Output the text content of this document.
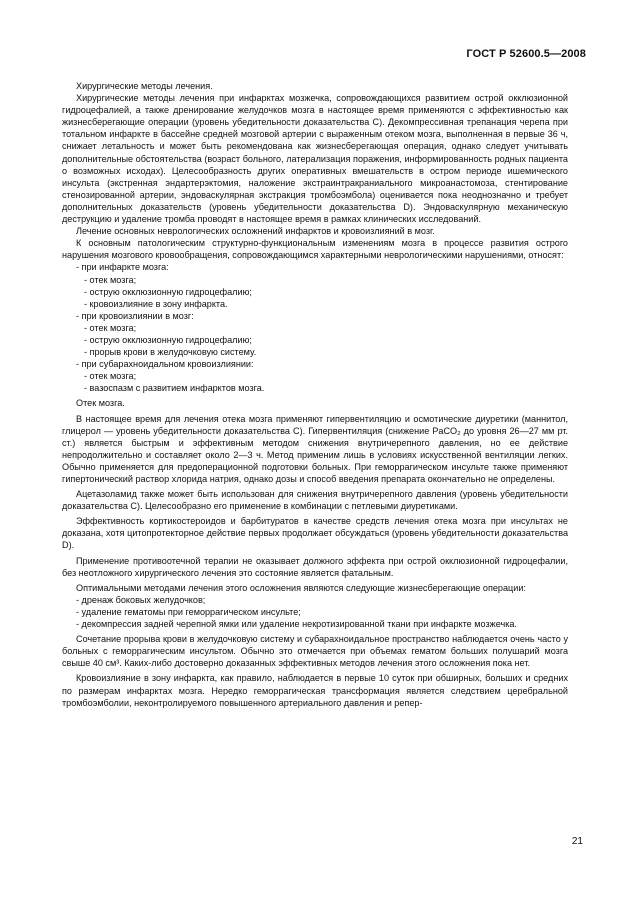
ГОСТ Р 52600.5—2008

Хирургические методы лечения.

Хирургические методы лечения при инфарктах мозжечка, сопровождающихся развитием острой окклюзионной гидроцефалией, а также дренирование желудочков мозга в настоящее время применяются с эффективностью как жизнесберегающие операции (уровень убедительности доказательства С). Декомпрессивная трепанация черепа при тотальном инфаркте в бассейне средней мозговой артерии с выраженным отеком мозга, выполненная в первые 36 ч, снижает летальность и может быть рекомендована как жизнесберегающая операция, однако следует учитывать дополнительные обстоятельства (возраст больного, латерализация поражения, информированность родных пациента о возможных исходах). Целесообразность других оперативных вмешательств в остром периоде ишемического инсульта (экстренная эндартерэктомия, наложение экстраинтракраниального микроанастомоза, стентирование стенозированной артерии, эндоваскулярная экстракция тромбоэмбола) оценивается пока неоднозначно и требует дополнительных доказательств (уровень убедительности доказательства D). Эндоваскулярную механическую деструкцию и удаление тромба проводят в настоящее время в рамках клинических исследований.

Лечение основных неврологических осложнений инфарктов и кровоизлияний в мозг.

К основным патологическим структурно-функциональным изменениям мозга в процессе развития острого нарушения мозгового кровообращения, сопровождающимся характерными неврологическими нарушениями, относят:

- при инфаркте мозга:

- отек мозга;

- острую окклюзионную гидроцефалию;

- кровоизлияние в зону инфаркта.

- при кровоизлиянии в мозг:

- отек мозга;

- острую окклюзионную гидроцефалию;

- прорыв крови в желудочковую систему.

- при субарахноидальном кровоизлиянии:

- отек мозга;

- вазоспазм с развитием инфарктов мозга.

Отек мозга.

В настоящее время для лечения отека мозга применяют гипервентиляцию и осмотические диуретики (маннитол, глицерол — уровень убедительности доказательства С). Гипервентиляция (снижение PaCO₂ до уровня 26—27 мм рт. ст.) является быстрым и эффективным методом снижения внутричерепного давления, но ее действие непродолжительно и составляет около 2—3 ч. Метод применим лишь в условиях искусственной вентиляции легких. Обычно применяется для предоперационной подготовки больных. При геморрагическом инсульте также применяют гипертонический раствор хлорида натрия, однако дозы и способ введения препарата окончательно не определены.

Ацетазоламид также может быть использован для снижения внутричерепного давления (уровень убедительности доказательства С). Целесообразно его применение в комбинации с петлевыми диуретиками.

Эффективность кортикостероидов и барбитуратов в качестве средств лечения отека мозга при инсультах не доказана, хотя цитопротекторное действие первых продолжает обсуждаться (уровень убедительности доказательства D).

Применение противоотечной терапии не оказывает должного эффекта при острой окклюзионной гидроцефалии, без неотложного хирургического лечения это состояние является фатальным.

Оптимальными методами лечения этого осложнения являются следующие жизнесберегающие операции:

- дренаж боковых желудочков;

- удаление гематомы при геморрагическом инсульте;

- декомпрессия задней черепной ямки или удаление некротизированной ткани при инфаркте мозжечка.

Сочетание прорыва крови в желудочковую систему и субарахноидальное пространство наблюдается очень часто у больных с геморрагическим инсультом. Обычно это отмечается при объемах гематом больших полушарий мозга свыше 40 см³. Каких-либо достоверно доказанных эффективных методов лечения этого осложнения пока нет.

Кровоизлияние в зону инфаркта, как правило, наблюдается в первые 10 суток при обширных, больших и средних по размерам инфарктах мозга. Нередко геморрагическая трансформация является следствием церебральной тромбоэмболии, неконтролируемого повышенного артериального давления и репер-

21
